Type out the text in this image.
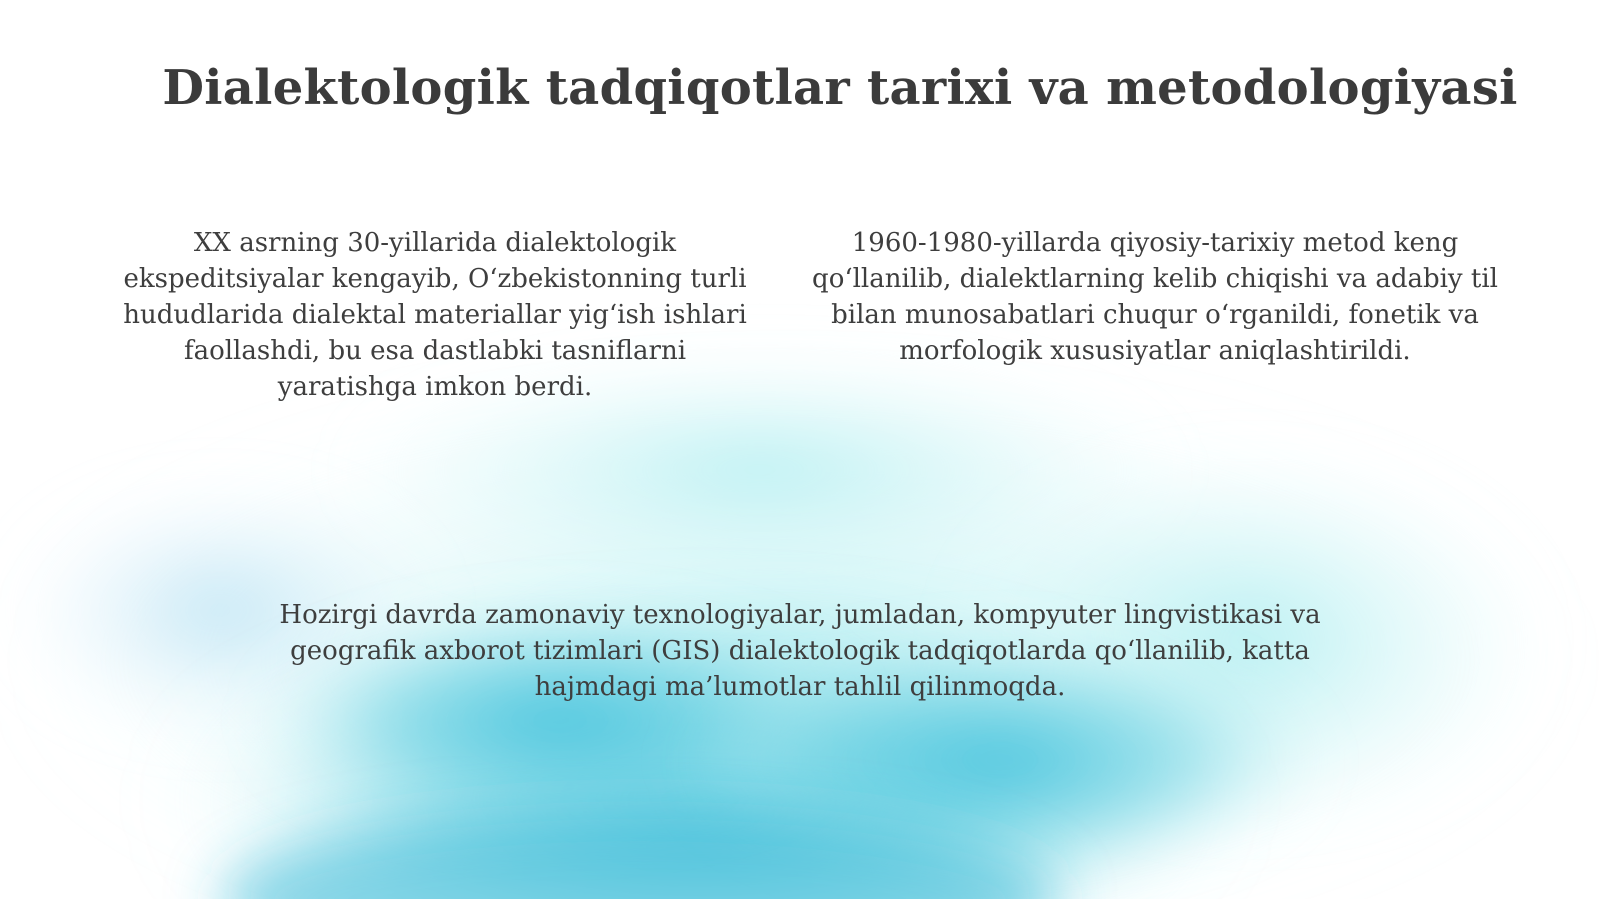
Dialektologik tadqiqotlar tarixi va metodologiyasi
XX asrning 30-yillarida dialektologik ekspeditsiyalar kengayib, O‘zbekistonning turli hududlarida dialektal materiallar yig‘ish ishlari faollashdi, bu esa dastlabki tasniflarni yaratishga imkon berdi.
1960-1980-yillarda qiyosiy-tarixiy metod keng qo‘llanilib, dialektlarning kelib chiqishi va adabiy til bilan munosabatlari chuqur o‘rganildi, fonetik va morfologik xususiyatlar aniqlashtirildi.
Hozirgi davrda zamonaviy texnologiyalar, jumladan, kompyuter lingvistikasi va geografik axborot tizimlari (GIS) dialektologik tadqiqotlarda qo‘llanilib, katta hajmdagi ma’lumotlar tahlil qilinmoqda.
